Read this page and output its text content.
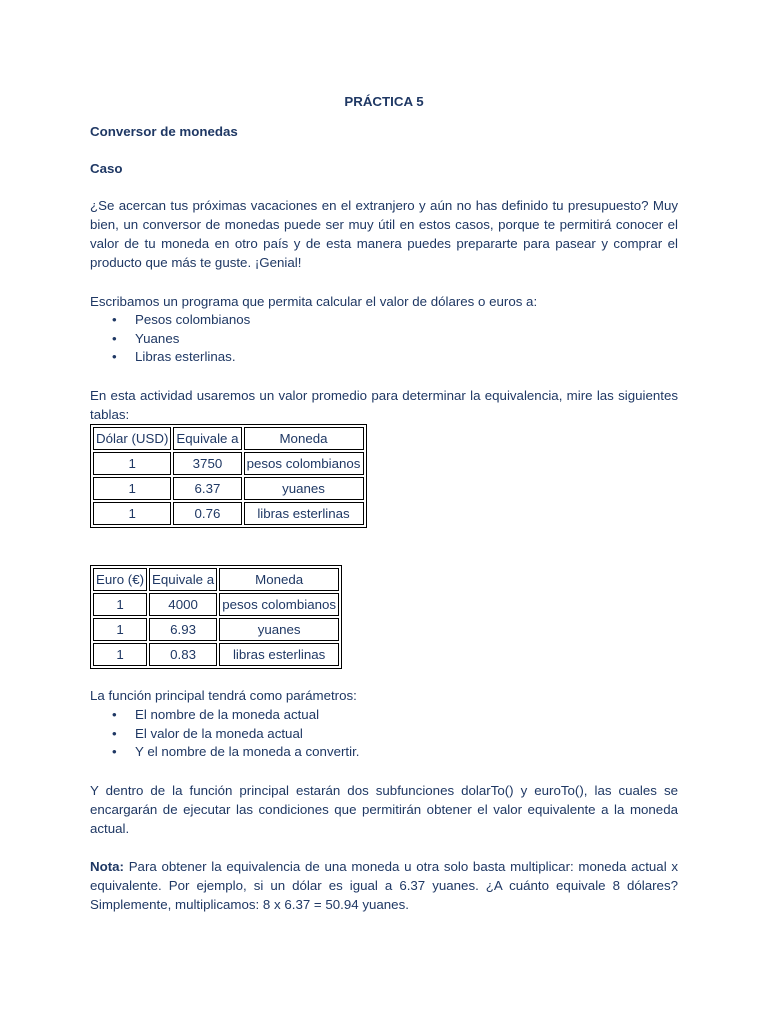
PRÁCTICA 5
Conversor de monedas
Caso

¿Se acercan tus próximas vacaciones en el extranjero y aún no has definido tu presupuesto? Muy bien, un conversor de monedas puede ser muy útil en estos casos, porque te permitirá conocer el valor de tu moneda en otro país y de esta manera puedes prepararte para pasear y comprar el producto que más te guste. ¡Genial!

Escribamos un programa que permita calcular el valor de dólares o euros a:

• Pesos colombianos
• Yuanes
• Libras esterlinas.

En esta actividad usaremos un valor promedio para determinar la equivalencia, mire las siguientes tablas:

Dólar (USD)	Equivale a	Moneda
1	3750	pesos colombianos
1	6.37	yuanes
1	0.76	libras esterlinas
Euro (€)	Equivale a	Moneda
1	4000	pesos colombianos
1	6.93	yuanes
1	0.83	libras esterlinas

La función principal tendrá como parámetros:

• El nombre de la moneda actual
• El valor de la moneda actual
• Y el nombre de la moneda a convertir.

Y dentro de la función principal estarán dos subfunciones dolarTo() y euroTo(), las cuales se encargarán de ejecutar las condiciones que permitirán obtener el valor equivalente a la moneda actual.

Nota: Para obtener la equivalencia de una moneda u otra solo basta multiplicar: moneda actual x equivalente. Por ejemplo, si un dólar es igual a 6.37 yuanes. ¿A cuánto equivale 8 dólares? Simplemente, multiplicamos: 8 x 6.37 = 50.94 yuanes.
